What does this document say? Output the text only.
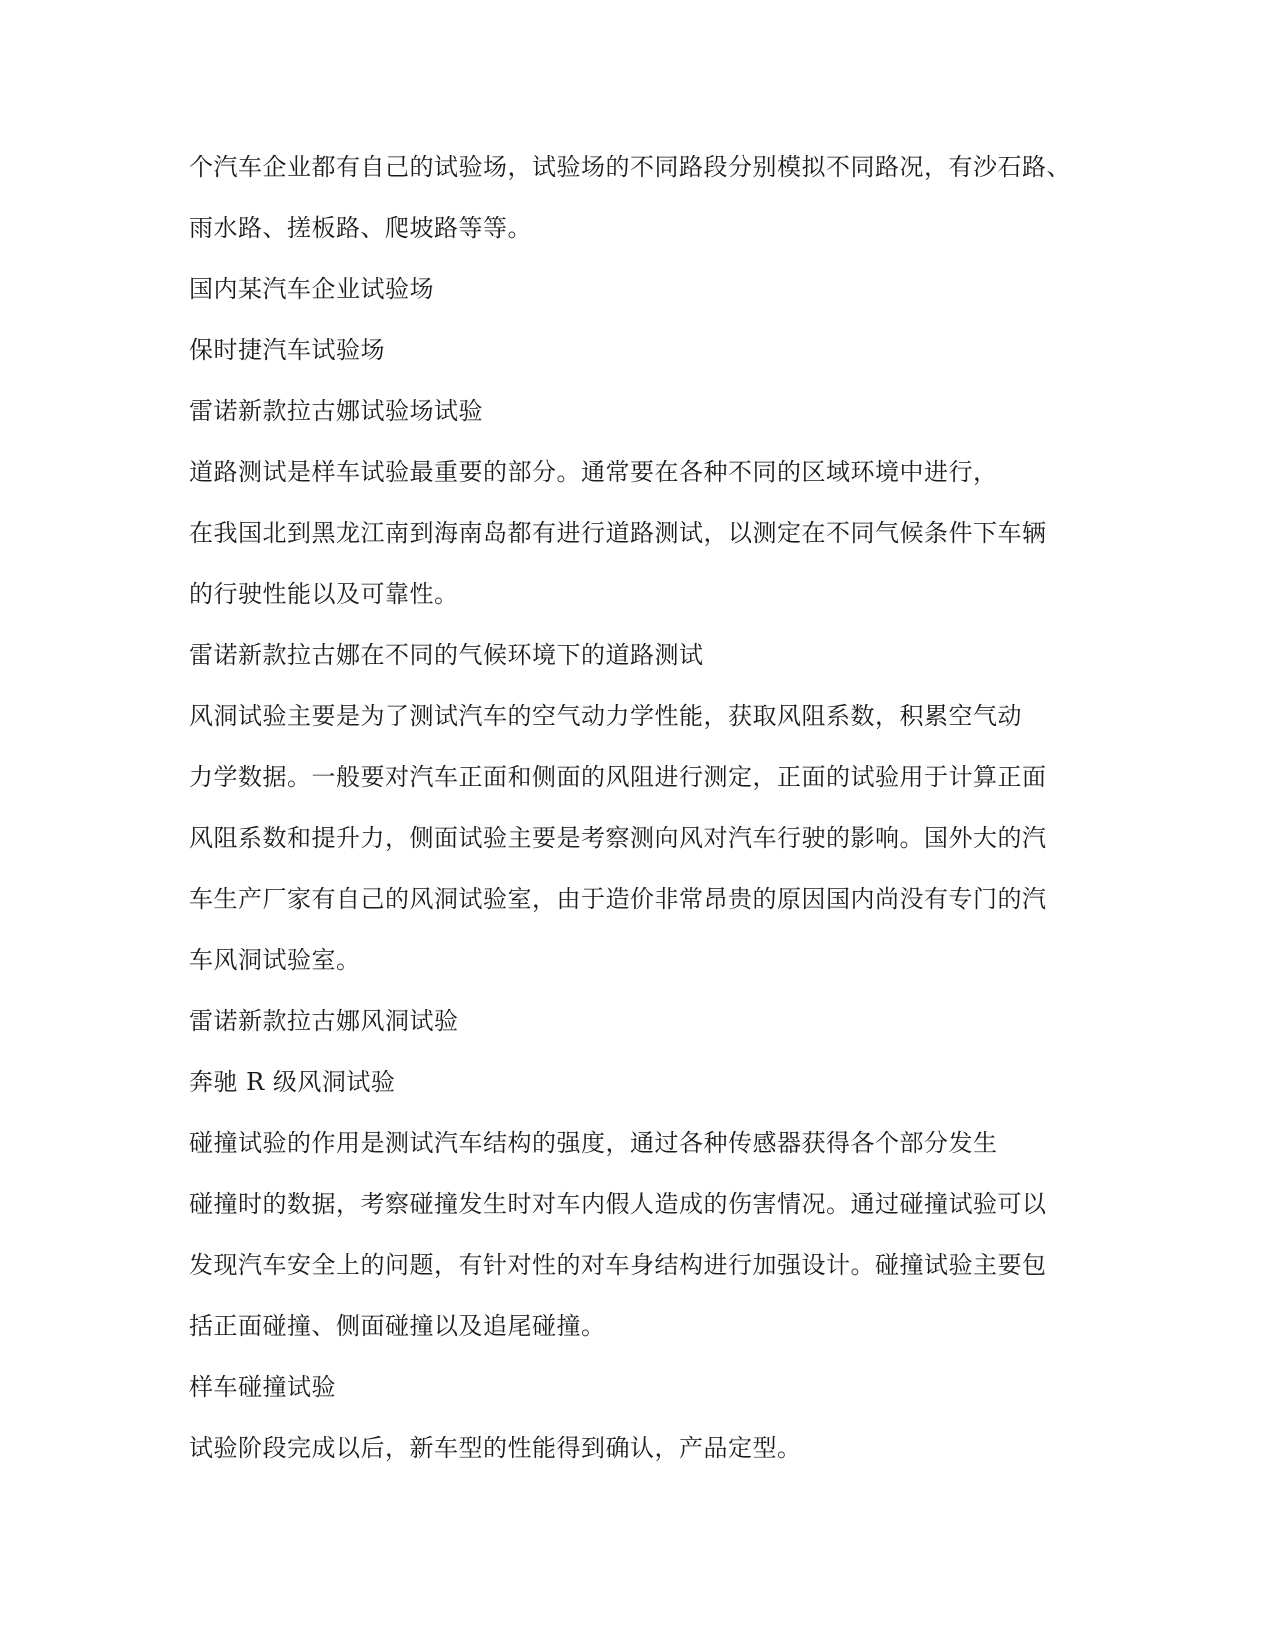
个汽车企业都有自己的试验场，试验场的不同路段分别模拟不同路况，有沙石路、
雨水路、搓板路、爬坡路等等。
国内某汽车企业试验场
保时捷汽车试验场
雷诺新款拉古娜试验场试验
道路测试是样车试验最重要的部分。通常要在各种不同的区域环境中进行，
在我国北到黑龙江南到海南岛都有进行道路测试，以测定在不同气候条件下车辆
的行驶性能以及可靠性。
雷诺新款拉古娜在不同的气候环境下的道路测试
风洞试验主要是为了测试汽车的空气动力学性能，获取风阻系数，积累空气动
力学数据。一般要对汽车正面和侧面的风阻进行测定，正面的试验用于计算正面
风阻系数和提升力，侧面试验主要是考察测向风对汽车行驶的影响。国外大的汽
车生产厂家有自己的风洞试验室，由于造价非常昂贵的原因国内尚没有专门的汽
车风洞试验室。
雷诺新款拉古娜风洞试验
奔驰 R 级风洞试验
碰撞试验的作用是测试汽车结构的强度，通过各种传感器获得各个部分发生
碰撞时的数据，考察碰撞发生时对车内假人造成的伤害情况。通过碰撞试验可以
发现汽车安全上的问题，有针对性的对车身结构进行加强设计。碰撞试验主要包
括正面碰撞、侧面碰撞以及追尾碰撞。
样车碰撞试验
试验阶段完成以后，新车型的性能得到确认，产品定型。
